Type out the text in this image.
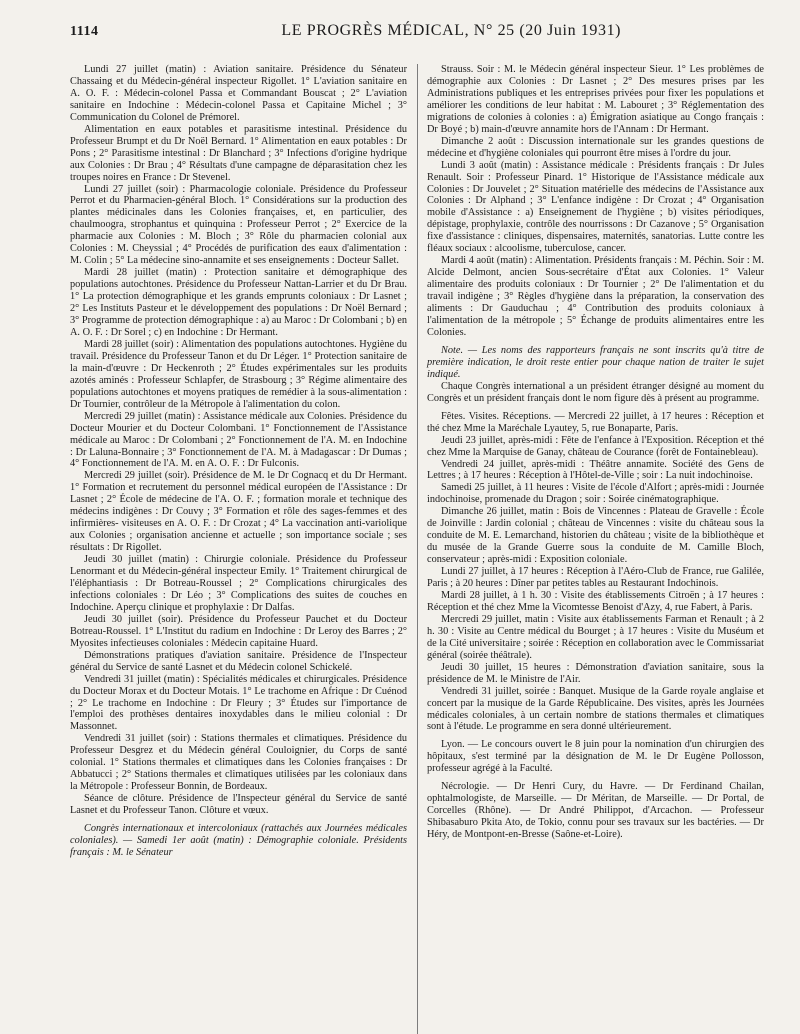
1114	LE PROGRÈS MÉDICAL, N° 25 (20 Juin 1931)

Lundi 27 juillet (matin) : Aviation sanitaire. Présidence du Sénateur Chassaing et du Médecin-général inspecteur Rigollet. 1° L'aviation sanitaire en A. O. F. : Médecin-colonel Passa et Commandant Bouscat ; 2° L'aviation sanitaire en Indochine : Médecin-colonel Passa et Capitaine Michel ; 3° Communication du Colonel de Prémorel.

Alimentation en eaux potables et parasitisme intestinal. Présidence du Professeur Brumpt et du Dr Noël Bernard. 1° Alimentation en eaux potables : Dr Pons ; 2° Parasitisme intestinal : Dr Blanchard ; 3° Infections d'origine hydrique aux Colonies : Dr Brau ; 4° Résultats d'une campagne de déparasitation chez les troupes noires en France : Dr Stevenel.

Lundi 27 juillet (soir) : Pharmacologie coloniale. Présidence du Professeur Perrot et du Pharmacien-général Bloch. 1° Considérations sur la production des plantes médicinales dans les Colonies françaises, et, en particulier, des chaulmoogra, strophantus et quinquina : Professeur Perrot ; 2° Exercice de la pharmacie aux Colonies : M. Bloch ; 3° Rôle du pharmacien colonial aux Colonies : M. Cheyssial ; 4° Procédés de purification des eaux d'alimentation : M. Colin ; 5° La médecine sino-annamite et ses enseignements : Docteur Sallet.

Mardi 28 juillet (matin) : Protection sanitaire et démographique des populations autochtones. Présidence du Professeur Nattan-Larrier et du Dr Brau. 1° La protection démographique et les grands emprunts coloniaux : Dr Lasnet ; 2° Les Instituts Pasteur et le développement des populations : Dr Noël Bernard ; 3° Programme de protection démographique : a) au Maroc : Dr Colombani ; b) en A. O. F. : Dr Sorel ; c) en Indochine : Dr Hermant.

Mardi 28 juillet (soir) : Alimentation des populations autochtones. Hygiène du travail. Présidence du Professeur Tanon et du Dr Léger. 1° Protection sanitaire de la main-d'œuvre : Dr Heckenroth ; 2° Études expérimentales sur les produits azotés aminés : Professeur Schlapfer, de Strasbourg ; 3° Régime alimentaire des populations autochtones et moyens pratiques de remédier à la sous-alimentation : Dr Tournier, contrôleur de la Métropole à l'alimentation du colon.

Mercredi 29 juillet (matin) : Assistance médicale aux Colonies. Présidence du Docteur Mourier et du Docteur Colombani. 1° Fonctionnement de l'Assistance médicale au Maroc : Dr Colombani ; 2° Fonctionnement de l'A. M. en Indochine : Dr Laluna-Bonnaire ; 3° Fonctionnement de l'A. M. à Madagascar : Dr Dumas ; 4° Fonctionnement de l'A. M. en A. O. F. : Dr Fulconis.

Mercredi 29 juillet (soir). Présidence de M. le Dr Cognacq et du Dr Hermant. 1° Formation et recrutement du personnel médical européen de l'Assistance : Dr Lasnet ; 2° École de médecine de l'A. O. F. ; formation morale et technique des médecins indigènes : Dr Couvy ; 3° Formation et rôle des sages-femmes et des infirmières- visiteuses en A. O. F. : Dr Crozat ; 4° La vaccination anti-variolique aux Colonies ; organisation ancienne et actuelle ; son importance sociale ; ses résultats : Dr Rigollet.

Jeudi 30 juillet (matin) : Chirurgie coloniale. Présidence du Professeur Lenormant et du Médecin-général inspecteur Emily. 1° Traitement chirurgical de l'éléphantiasis : Dr Botreau-Roussel ; 2° Complications chirurgicales des infections coloniales : Dr Léo ; 3° Complications des suites de couches en Indochine. Aperçu clinique et prophylaxie : Dr Dalfas.

Jeudi 30 juillet (soir). Présidence du Professeur Pauchet et du Docteur Botreau-Roussel. 1° L'Institut du radium en Indochine : Dr Leroy des Barres ; 2° Myosites infectieuses coloniales : Médecin capitaine Huard.

Démonstrations pratiques d'aviation sanitaire. Présidence de l'Inspecteur général du Service de santé Lasnet et du Médecin colonel Schickelé.

Vendredi 31 juillet (matin) : Spécialités médicales et chirurgicales. Présidence du Docteur Morax et du Docteur Motais. 1° Le trachome en Afrique : Dr Cuénod ; 2° Le trachome en Indochine : Dr Fleury ; 3° Études sur l'importance de l'emploi des prothèses dentaires inoxydables dans le milieu colonial : Dr Massonnet.

Vendredi 31 juillet (soir) : Stations thermales et climatiques. Présidence du Professeur Desgrez et du Médecin général Couloignier, du Corps de santé colonial. 1° Stations thermales et climatiques dans les Colonies françaises : Dr Abbatucci ; 2° Stations thermales et climatiques utilisées par les coloniaux dans la Métropole : Professeur Bonnin, de Bordeaux.

Séance de clôture. Présidence de l'Inspecteur général du Service de santé Lasnet et du Professeur Tanon. Clôture et vœux.

Congrès internationaux et intercoloniaux (rattachés aux Journées médicales coloniales). — Samedi 1er août (matin) : Démographie coloniale. Présidents français : M. le Sénateur

Strauss. Soir : M. le Médecin général inspecteur Sieur. 1° Les problèmes de démographie aux Colonies : Dr Lasnet ; 2° Des mesures prises par les Administrations publiques et les entreprises privées pour fixer les populations et améliorer les conditions de leur habitat : M. Labouret ; 3° Réglementation des migrations de colonies à colonies : a) Émigration asiatique au Congo français : Dr Boyé ; b) main-d'œuvre annamite hors de l'Annam : Dr Hermant.

Dimanche 2 août : Discussion internationale sur les grandes questions de médecine et d'hygiène coloniales qui pourront être mises à l'ordre du jour.

Lundi 3 août (matin) : Assistance médicale : Présidents français : Dr Jules Renault. Soir : Professeur Pinard. 1° Historique de l'Assistance médicale aux Colonies : Dr Jouvelet ; 2° Situation matérielle des médecins de l'Assistance aux Colonies : Dr Alphand ; 3° L'enfance indigène : Dr Crozat ; 4° Organisation mobile d'Assistance : a) Enseignement de l'hygiène ; b) visites périodiques, dépistage, prophylaxie, contrôle des nourrissons : Dr Cazanove ; 5° Organisation fixe d'assistance : cliniques, dispensaires, maternités, sanatorias. Lutte contre les fléaux sociaux : alcoolisme, tuberculose, cancer.

Mardi 4 août (matin) : Alimentation. Présidents français : M. Péchin. Soir : M. Alcide Delmont, ancien Sous-secrétaire d'État aux Colonies. 1° Valeur alimentaire des produits coloniaux : Dr Tournier ; 2° De l'alimentation et du travail indigène ; 3° Règles d'hygiène dans la préparation, la conservation des aliments : Dr Gauduchau ; 4° Contribution des produits coloniaux à l'alimentation de la métropole ; 5° Échange de produits alimentaires entre les Colonies.

Note. — Les noms des rapporteurs français ne sont inscrits qu'à titre de première indication, le droit reste entier pour chaque nation de traiter le sujet indiqué.

Chaque Congrès international a un président étranger désigné au moment du Congrès et un président français dont le nom figure dès à présent au programme.

Fêtes. Visites. Réceptions. — Mercredi 22 juillet, à 17 heures : Réception et thé chez Mme la Maréchale Lyautey, 5, rue Bonaparte, Paris.

Jeudi 23 juillet, après-midi : Fête de l'enfance à l'Exposition. Réception et thé chez Mme la Marquise de Ganay, château de Courance (forêt de Fontainebleau).

Vendredi 24 juillet, après-midi : Théâtre annamite. Société des Gens de Lettres ; à 17 heures : Réception à l'Hôtel-de-Ville ; soir : La nuit indochinoise.

Samedi 25 juillet, à 11 heures : Visite de l'école d'Alfort ; après-midi : Journée indochinoise, promenade du Dragon ; soir : Soirée cinématographique.

Dimanche 26 juillet, matin : Bois de Vincennes : Plateau de Gravelle : École de Joinville : Jardin colonial ; château de Vincennes : visite du château sous la conduite de M. E. Lemarchand, historien du château ; visite de la bibliothèque et du musée de la Grande Guerre sous la conduite de M. Camille Bloch, conservateur ; après-midi : Exposition coloniale.

Lundi 27 juillet, à 17 heures : Réception à l'Aéro-Club de France, rue Galilée, Paris ; à 20 heures : Dîner par petites tables au Restaurant Indochinois.

Mardi 28 juillet, à 1 h. 30 : Visite des établissements Citroën ; à 17 heures : Réception et thé chez Mme la Vicomtesse Benoist d'Azy, 4, rue Fabert, à Paris.

Mercredi 29 juillet, matin : Visite aux établissements Farman et Renault ; à 2 h. 30 : Visite au Centre médical du Bourget ; à 17 heures : Visite du Muséum et de la Cité universitaire ; soirée : Réception en collaboration avec le Commissariat général (soirée théâtrale).

Jeudi 30 juillet, 15 heures : Démonstration d'aviation sanitaire, sous la présidence de M. le Ministre de l'Air.

Vendredi 31 juillet, soirée : Banquet. Musique de la Garde royale anglaise et concert par la musique de la Garde Républicaine. Des visites, après les Journées médicales coloniales, à un certain nombre de stations thermales et climatiques sont à l'étude. Le programme en sera donné ultérieurement.

Lyon. — Le concours ouvert le 8 juin pour la nomination d'un chirurgien des hôpitaux, s'est terminé par la désignation de M. le Dr Eugène Pollosson, professeur agrégé à la Faculté.

Nécrologie. — Dr Henri Cury, du Havre. — Dr Ferdinand Chailan, ophtalmologiste, de Marseille. — Dr Méritan, de Marseille. — Dr Portal, de Corcelles (Rhône). — Dr André Philippot, d'Arcachon. — Professeur Shibasaburo Pkita Ato, de Tokio, connu pour ses travaux sur les bactéries. — Dr Héry, de Montpont-en-Bresse (Saône-et-Loire).
